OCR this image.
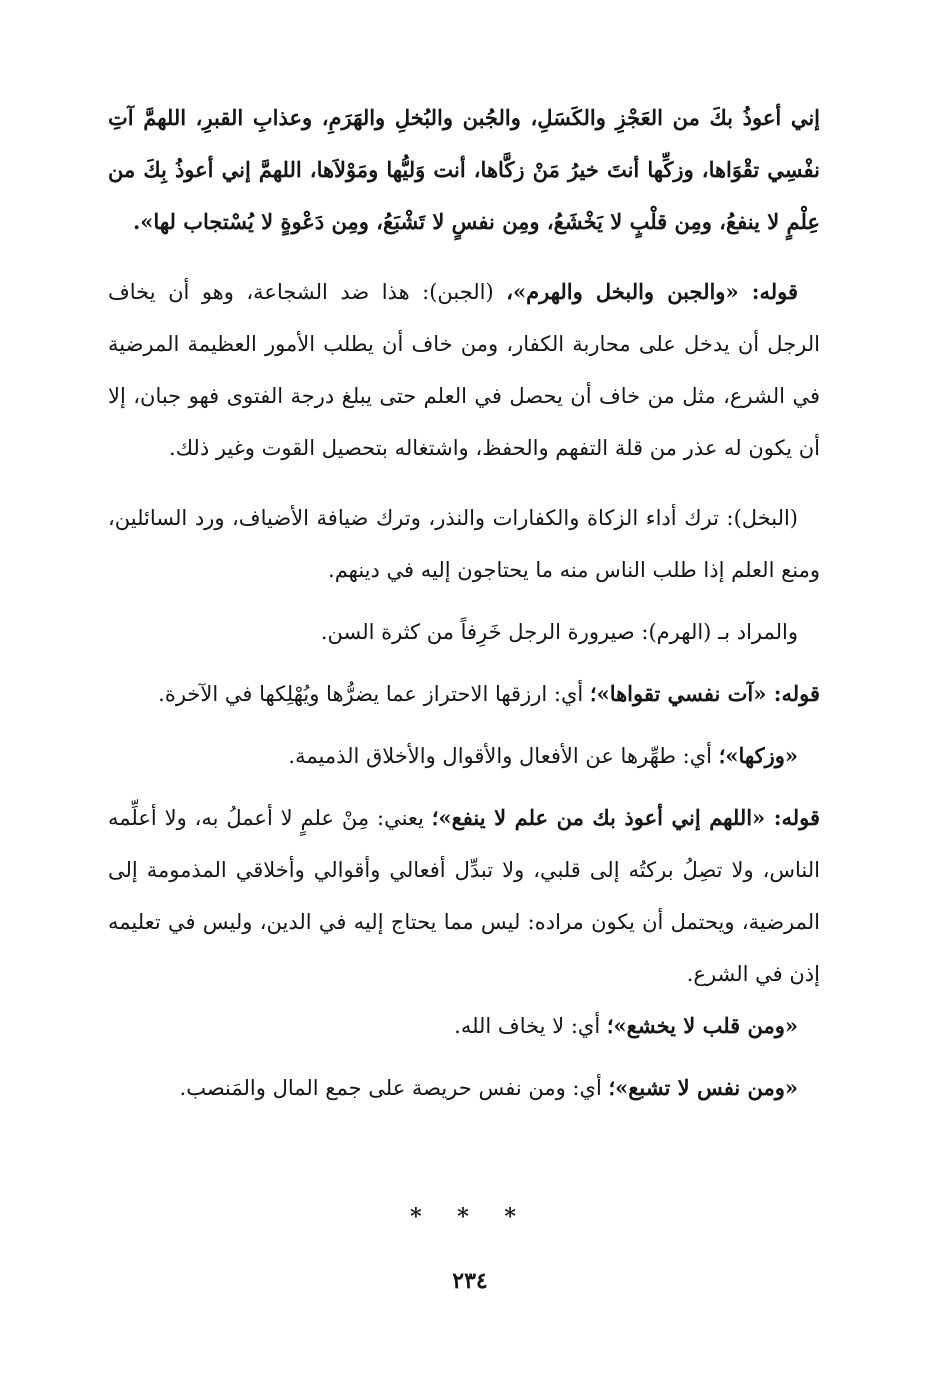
إني أعوذُ بكَ من العَجْزِ والكَسَلِ، والجُبن والبُخلِ والهَرَمِ، وعذابِ القبرِ، اللهمَّ آتِ نفْسِي تقْوَاها، وزكِّها أنتَ خيرُ مَنْ زكَّاها، أنت وَليُّها ومَوْلاَها، اللهمَّ إني أعوذُ بِكَ من عِلْمٍ لا ينفعُ، ومِن قلْبٍ لا يَخْشَعُ، ومِن نفسٍ لا تَشْبَعُ، ومِن دَعْوةٍ لا يُسْتجاب لها».

قوله: «والجبن والبخل والهرم»، (الجبن): هذا ضد الشجاعة، وهو أن يخاف الرجل أن يدخل على محاربة الكفار، ومن خاف أن يطلب الأمور العظيمة المرضية في الشرع، مثل من خاف أن يحصل في العلم حتى يبلغ درجة الفتوى فهو جبان، إلا أن يكون له عذر من قلة التفهم والحفظ، واشتغاله بتحصيل القوت وغير ذلك.

(البخل): ترك أداء الزكاة والكفارات والنذر، وترك ضيافة الأضياف، ورد السائلين، ومنع العلم إذا طلب الناس منه ما يحتاجون إليه في دينهم.

والمراد بـ (الهرم): صيرورة الرجل خَرِفاً من كثرة السن.

قوله: «آت نفسي تقواها»؛ أي: ارزقها الاحتراز عما يضرُّها ويُهْلِكها في الآخرة.

«وزكها»؛ أي: طهِّرها عن الأفعال والأقوال والأخلاق الذميمة.

قوله: «اللهم إني أعوذ بك من علم لا ينفع»؛ يعني: مِنْ علمٍ لا أعملُ به، ولا أعلِّمه الناس، ولا تصِلُ بركتُه إلى قلبي، ولا تبدِّل أفعالي وأقوالي وأخلاقي المذمومة إلى المرضية، ويحتمل أن يكون مراده: ليس مما يحتاج إليه في الدين، وليس في تعليمه إذن في الشرع.

«ومن قلب لا يخشع»؛ أي: لا يخاف الله.

«ومن نفس لا تشبع»؛ أي: ومن نفس حريصة على جمع المال والمَنصب.

* * *
٢٣٤
